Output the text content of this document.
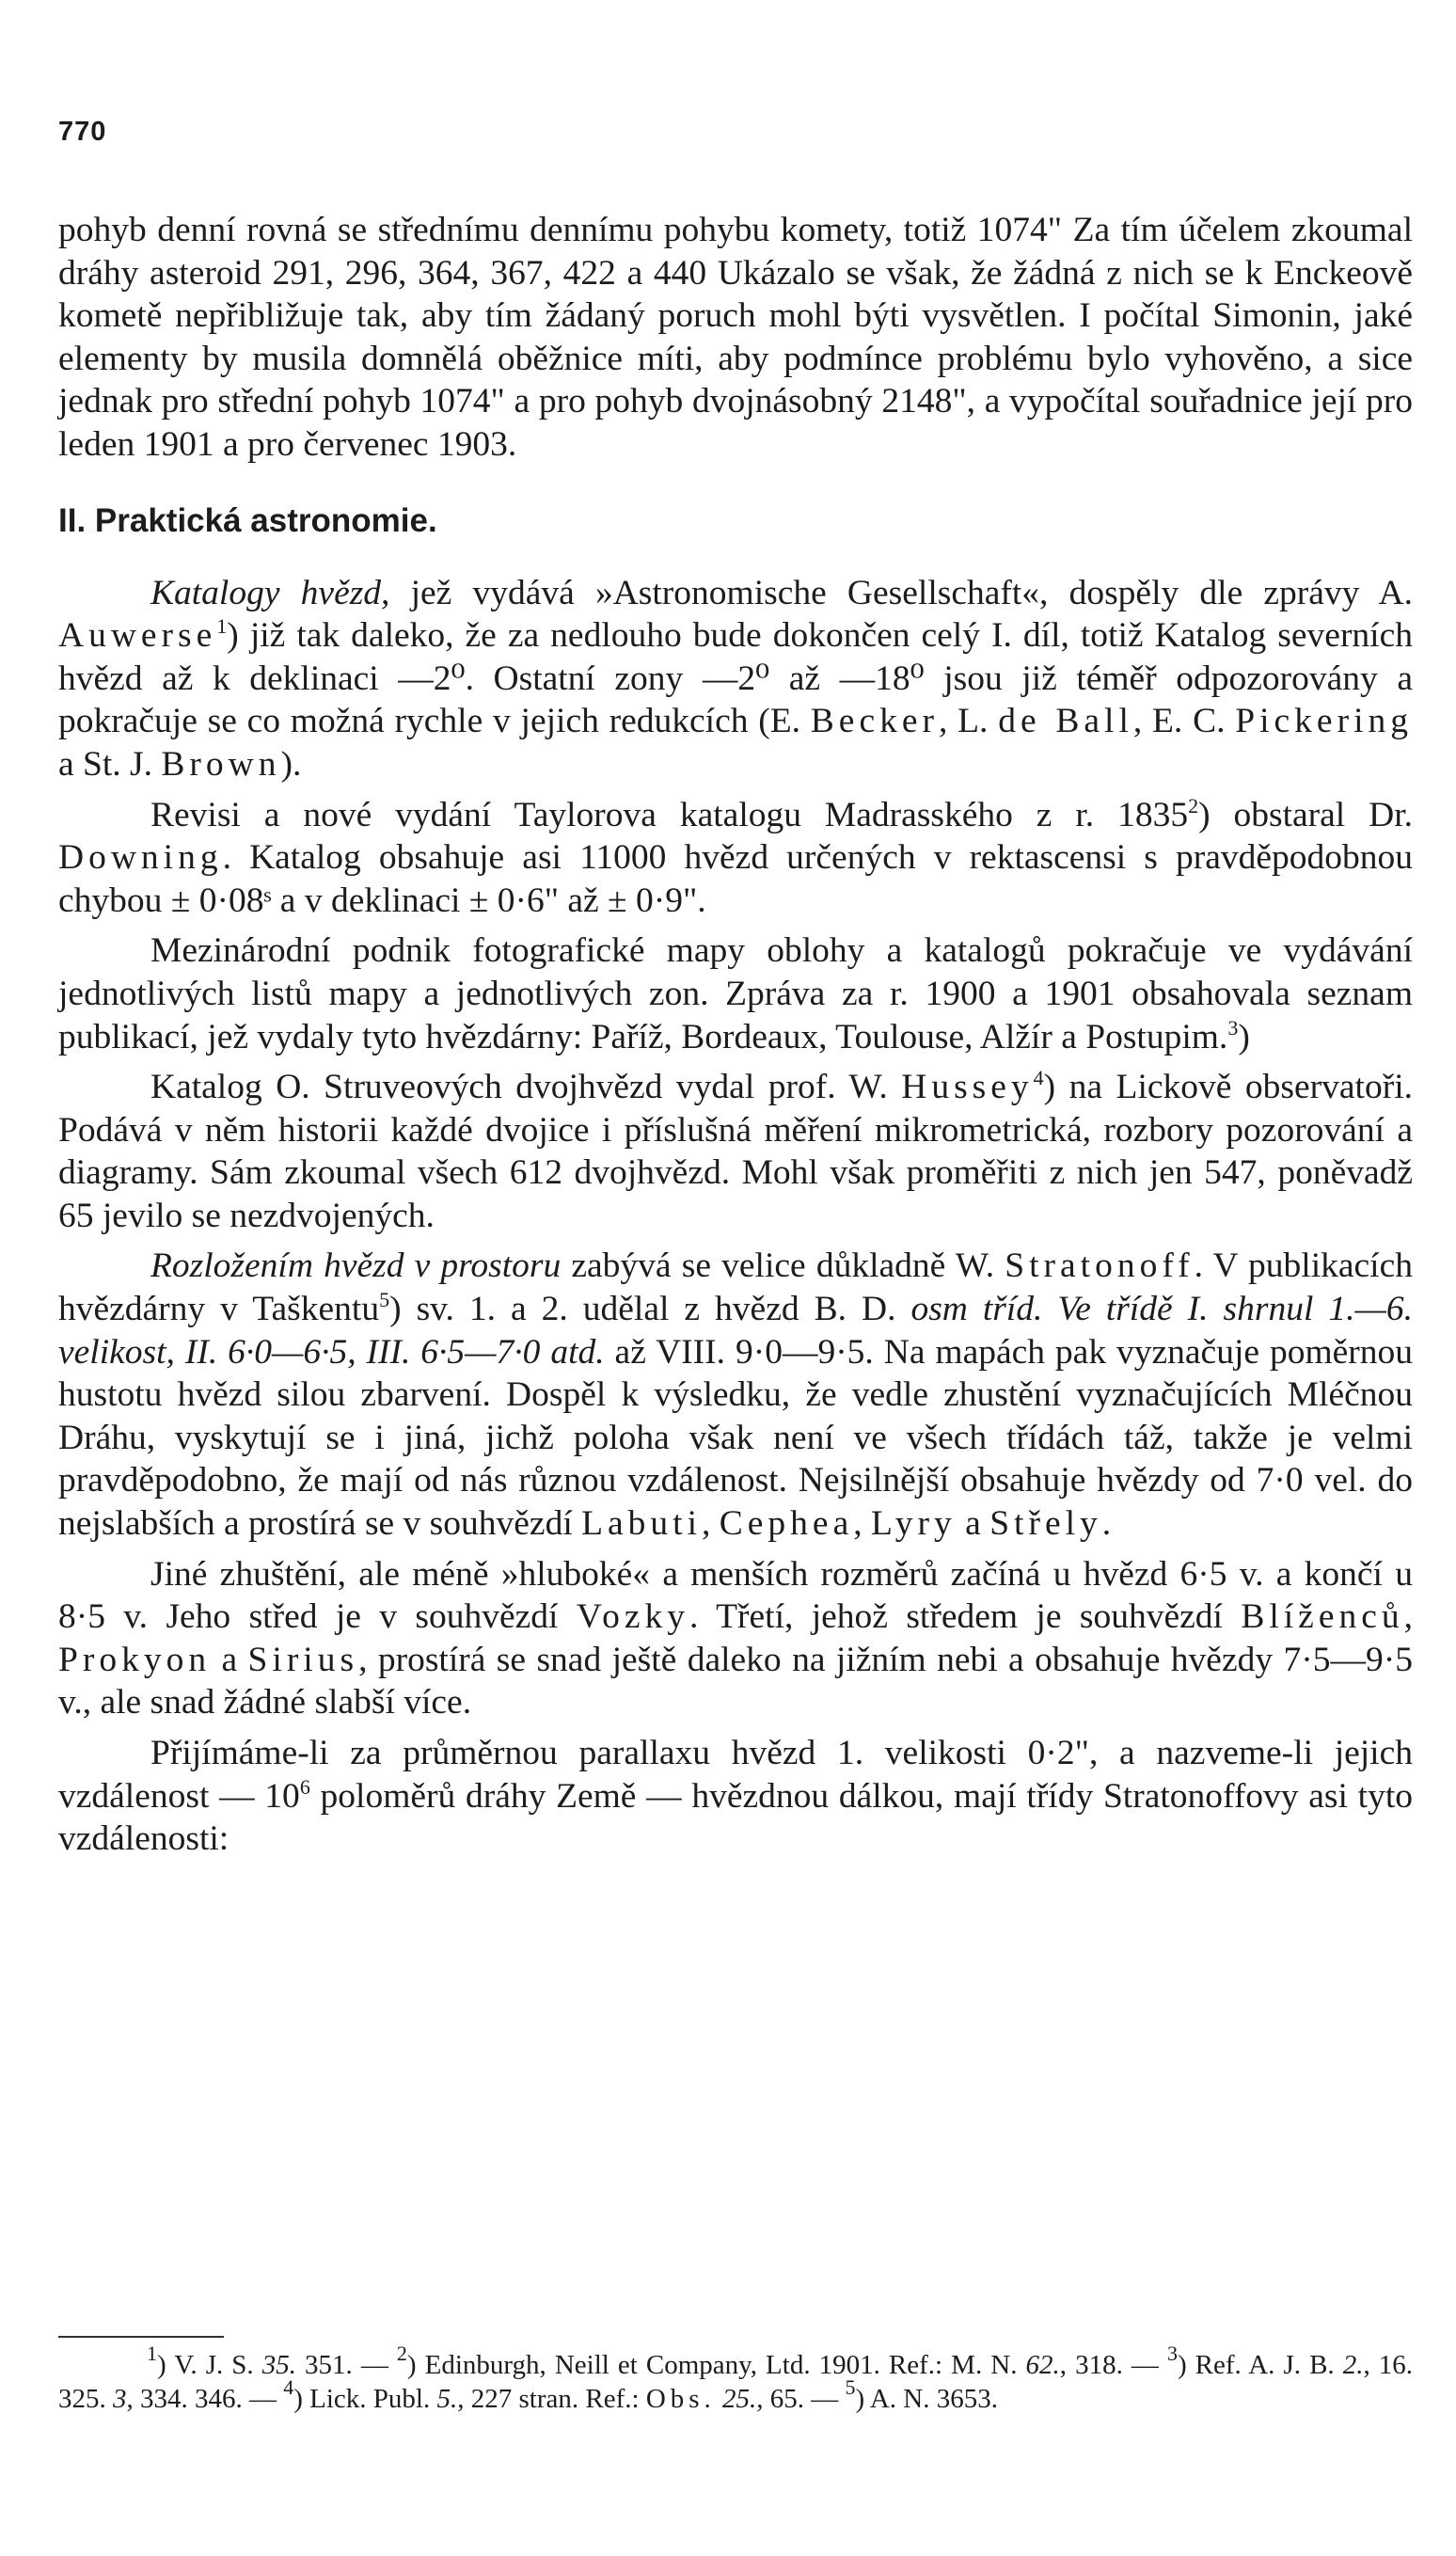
770

pohyb denní rovná se střednímu dennímu pohybu komety, totiž 1074" Za tím účelem zkoumal dráhy asteroid 291, 296, 364, 367, 422 a 440 Ukázalo se však, že žádná z nich se k Enckeově kometě nepřibližuje tak, aby tím žádaný poruch mohl býti vysvětlen. I počítal Simonin, jaké elementy by musila domnělá oběžnice míti, aby podmínce problému bylo vyhověno, a sice jednak pro střední pohyb 1074" a pro pohyb dvojnásobný 2148", a vypočítal souřadnice její pro leden 1901 a pro červenec 1903.

II. Praktická astronomie.

Katalogy hvězd, jež vydává »Astronomische Gesellschaft«, dospěly dle zprávy A. Auwerse$^1$) již tak daleko, že za nedlouho bude dokončen celý I. díl, totiž Katalog severních hvězd až k deklinaci —2⁰. Ostatní zony —2⁰ až —18⁰ jsou již téměř odpozorovány a pokračuje se co možná rychle v jejich redukcích (E. Becker, L. de Ball, E. C. Pickering a St. J. Brown).

Revisi a nové vydání Taylorova katalogu Madrasského z r. 1835$^2$) obstaral Dr. Downing. Katalog obsahuje asi 11000 hvězd určených v rektascensi s pravděpodobnou chybou ± 0·08ˢ a v deklinaci ± 0·6" až ± 0·9".

Mezinárodní podnik fotografické mapy oblohy a katalogů pokračuje ve vydávání jednotlivých listů mapy a jednotlivých zon. Zpráva za r. 1900 a 1901 obsahovala seznam publikací, jež vydaly tyto hvězdárny: Paříž, Bordeaux, Toulouse, Alžír a Postupim.$^3$)

Katalog O. Struveových dvojhvězd vydal prof. W. Hussey$^4$) na Lickově observatoři. Podává v něm historii každé dvojice i příslušná měření mikrometrická, rozbory pozorování a diagramy. Sám zkoumal všech 612 dvojhvězd. Mohl však proměřiti z nich jen 547, poněvadž 65 jevilo se nezdvojených.

Rozložením hvězd v prostoru zabývá se velice důkladně W. Stratonoff. V publikacích hvězdárny v Taškentu$^5$) sv. 1. a 2. udělal z hvězd B. D. osm tříd. Ve třídě I. shrnul 1.—6. velikost, II. 6·0—6·5, III. 6·5—7·0 atd. až VIII. 9·0—9·5. Na mapách pak vyznačuje poměrnou hustotu hvězd silou zbarvení. Dospěl k výsledku, že vedle zhustění vyznačujících Mléčnou Dráhu, vyskytují se i jiná, jichž poloha však není ve všech třídách táž, takže je velmi pravděpodobno, že mají od nás různou vzdálenost. Nejsilnější obsahuje hvězdy od 7·0 vel. do nejslabších a prostírá se v souhvězdí Labuti, Cephea, Lyry a Střely.

Jiné zhuštění, ale méně »hluboké« a menších rozměrů začíná u hvězd 6·5 v. a končí u 8·5 v. Jeho střed je v souhvězdí Vozky. Třetí, jehož středem je souhvězdí Blíženců, Prokyon a Sirius, prostírá se snad ještě daleko na jižním nebi a obsahuje hvězdy 7·5—9·5 v., ale snad žádné slabší více.

Přijímáme-li za průměrnou parallaxu hvězd 1. velikosti 0·2", a nazveme-li jejich vzdálenost — $10^6$ poloměrů dráhy Země — hvězdnou dálkou, mají třídy Stratonoffovy asi tyto vzdálenosti:

$^1$) V. J. S. 35. 351. — $^2$) Edinburgh, Neill et Company, Ltd. 1901. Ref.: M. N. 62., 318. — $^3$) Ref. A. J. B. 2., 16. 325. 3, 334. 346. — $^4$) Lick. Publ. 5., 227 stran. Ref.: Obs. 25., 65. — $^5$) A. N. 3653.
